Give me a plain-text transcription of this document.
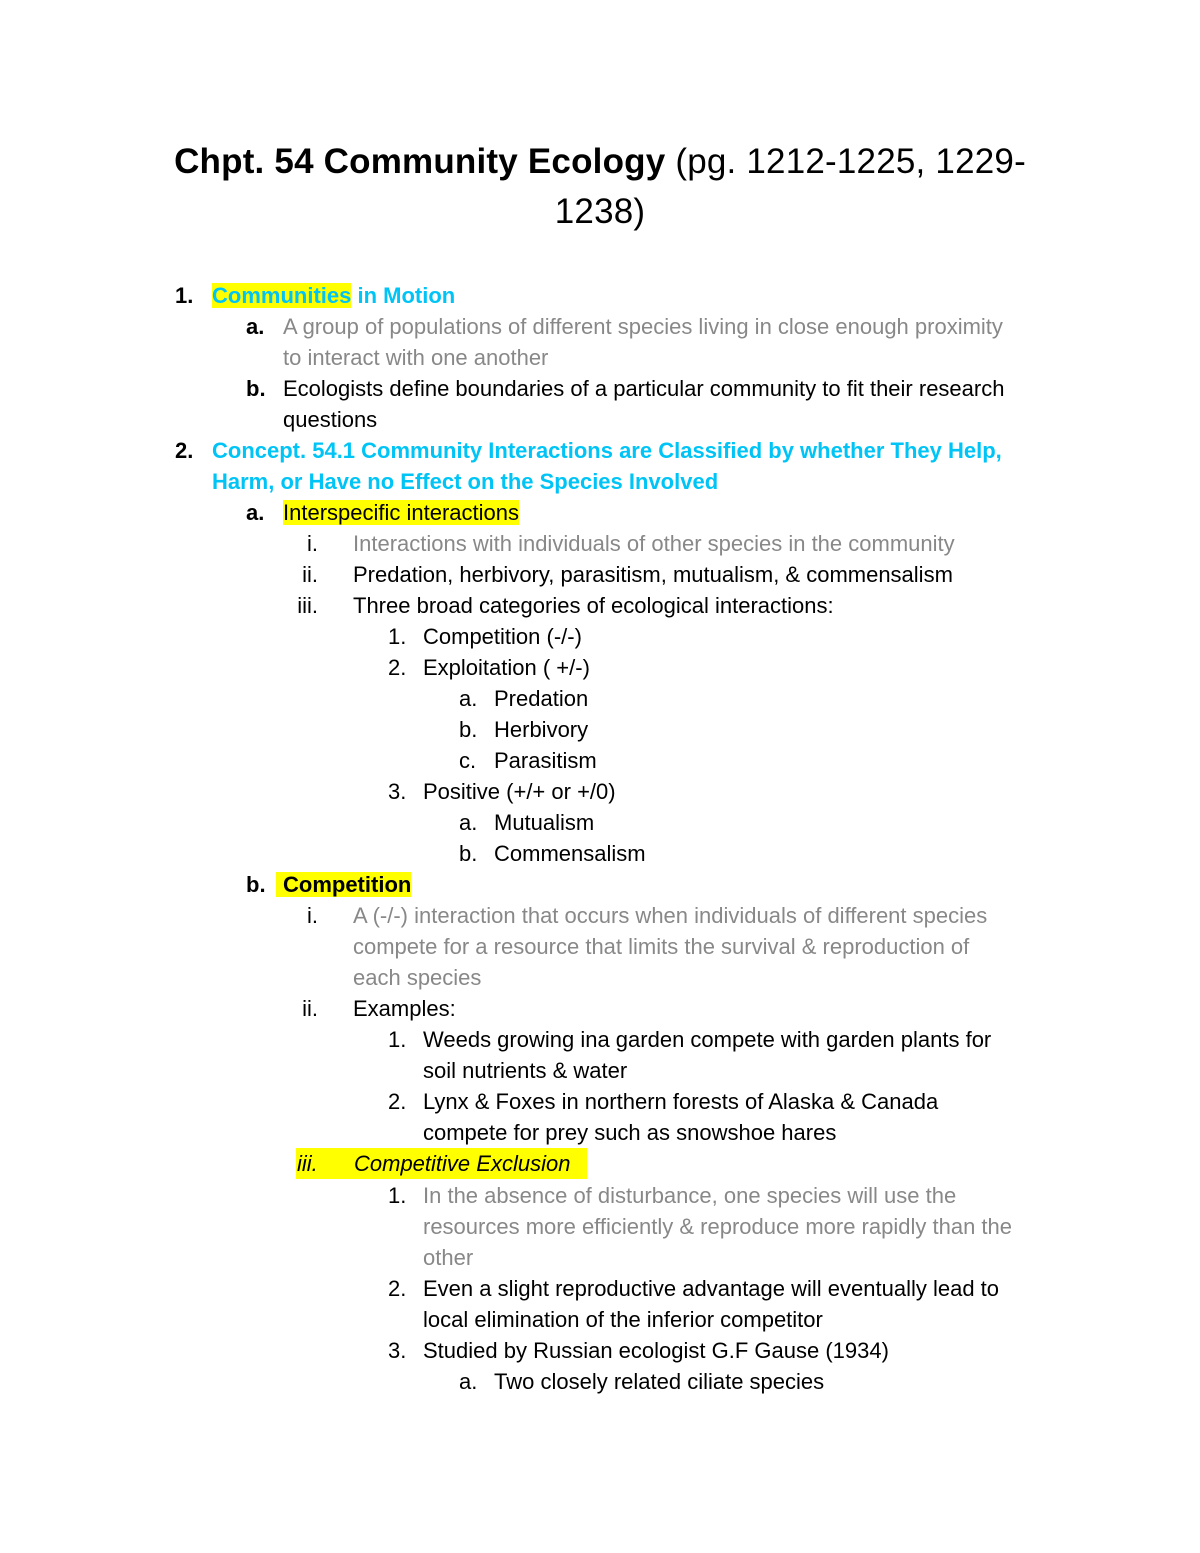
Chpt. 54 Community Ecology (pg. 1212-1225, 1229-
1238)
1. Communities in Motion
a. A group of populations of different species living in close enough proximity
to interact with one another
b. Ecologists define boundaries of a particular community to fit their research
questions
2. Concept. 54.1 Community Interactions are Classified by whether They Help,
Harm, or Have no Effect on the Species Involved
a. Interspecific interactions
i. Interactions with individuals of other species in the community
ii. Predation, herbivory, parasitism, mutualism, & commensalism
iii. Three broad categories of ecological interactions:
1. Competition (-/-)
2. Exploitation ( +/-)
a. Predation
b. Herbivory
c. Parasitism
3. Positive (+/+ or +/0)
a. Mutualism
b. Commensalism
b. Competition
i. A (-/-) interaction that occurs when individuals of different species
compete for a resource that limits the survival & reproduction of
each species
ii. Examples:
1. Weeds growing ina garden compete with garden plants for
soil nutrients & water
2. Lynx & Foxes in northern forests of Alaska & Canada
compete for prey such as snowshoe hares
iii. Competitive Exclusion
1. In the absence of disturbance, one species will use the
resources more efficiently & reproduce more rapidly than the
other
2. Even a slight reproductive advantage will eventually lead to
local elimination of the inferior competitor
3. Studied by Russian ecologist G.F Gause (1934)
a. Two closely related ciliate species
